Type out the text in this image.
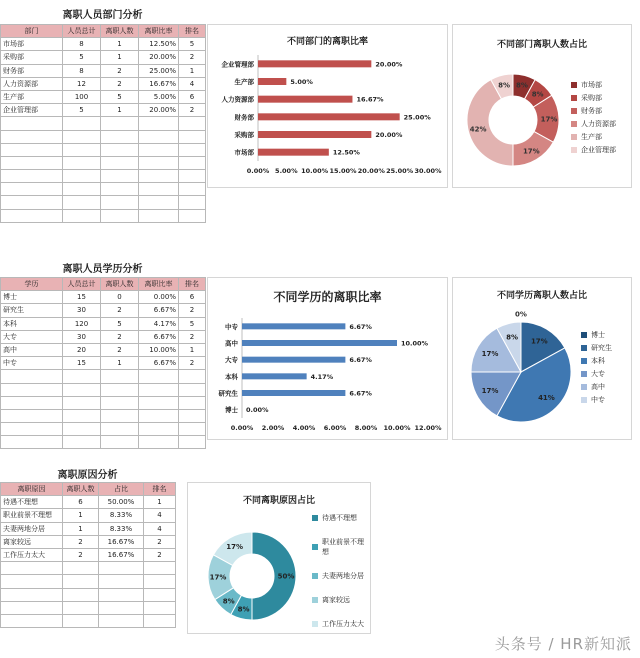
离职人员部门分析
部门	人员总计	离职人数	离职比率	排名
市场部	8	1	12.50%	5
采购部	5	1	20.00%	2
财务部	8	2	25.00%	1
人力资源部	12	2	16.67%	4
生产部	100	5	5.00%	6
企业管理部	5	1	20.00%	2

不同部门的离职比率
企业管理部	20.00%
生产部	5.00%
人力资源部	16.67%
财务部	25.00%
采购部	20.00%
市场部	12.50%
0.00% 5.00% 10.00% 15.00% 20.00% 25.00% 30.00%
不同部门离职人数占比
8%
8%
17%
17%
42%
8%	市场部
采购部
财务部
人力资源部
生产部
企业管理部
离职人员学历分析
学历	人员总计	离职人数	离职比率	排名
博士	15	0	0.00%	6
研究生	30	2	6.67%	2
本科	120	5	4.17%	5
大专	30	2	6.67%	2
高中	20	2	10.00%	1
中专	15	1	6.67%	2

不同学历的离职比率
中专	6.67%
高中	10.00%
大专	6.67%
本科	4.17%
研究生	6.67%
博士 0.00%
0.00% 2.00% 4.00% 6.00% 8.00% 10.00% 12.00%
不同学历离职人数占比
0%
17%
41%
17%
17%
8%	博士
研究生
本科
大专
高中
中专
离职原因分析
离职原因	离职人数	占比	排名
待遇不理想	6	50.00%	1
职业前景不理想	1	8.33%	4
夫妻两地分居	1	8.33%	4
离家较远	2	16.67%	2
工作压力太大	2	16.67%	2

不同离职原因占比
50%
8%
8%
17%
17%
待遇不理想
职业前景不理想
夫妻两地分居
离家较远
工作压力太大
头条号 / HR新知派
